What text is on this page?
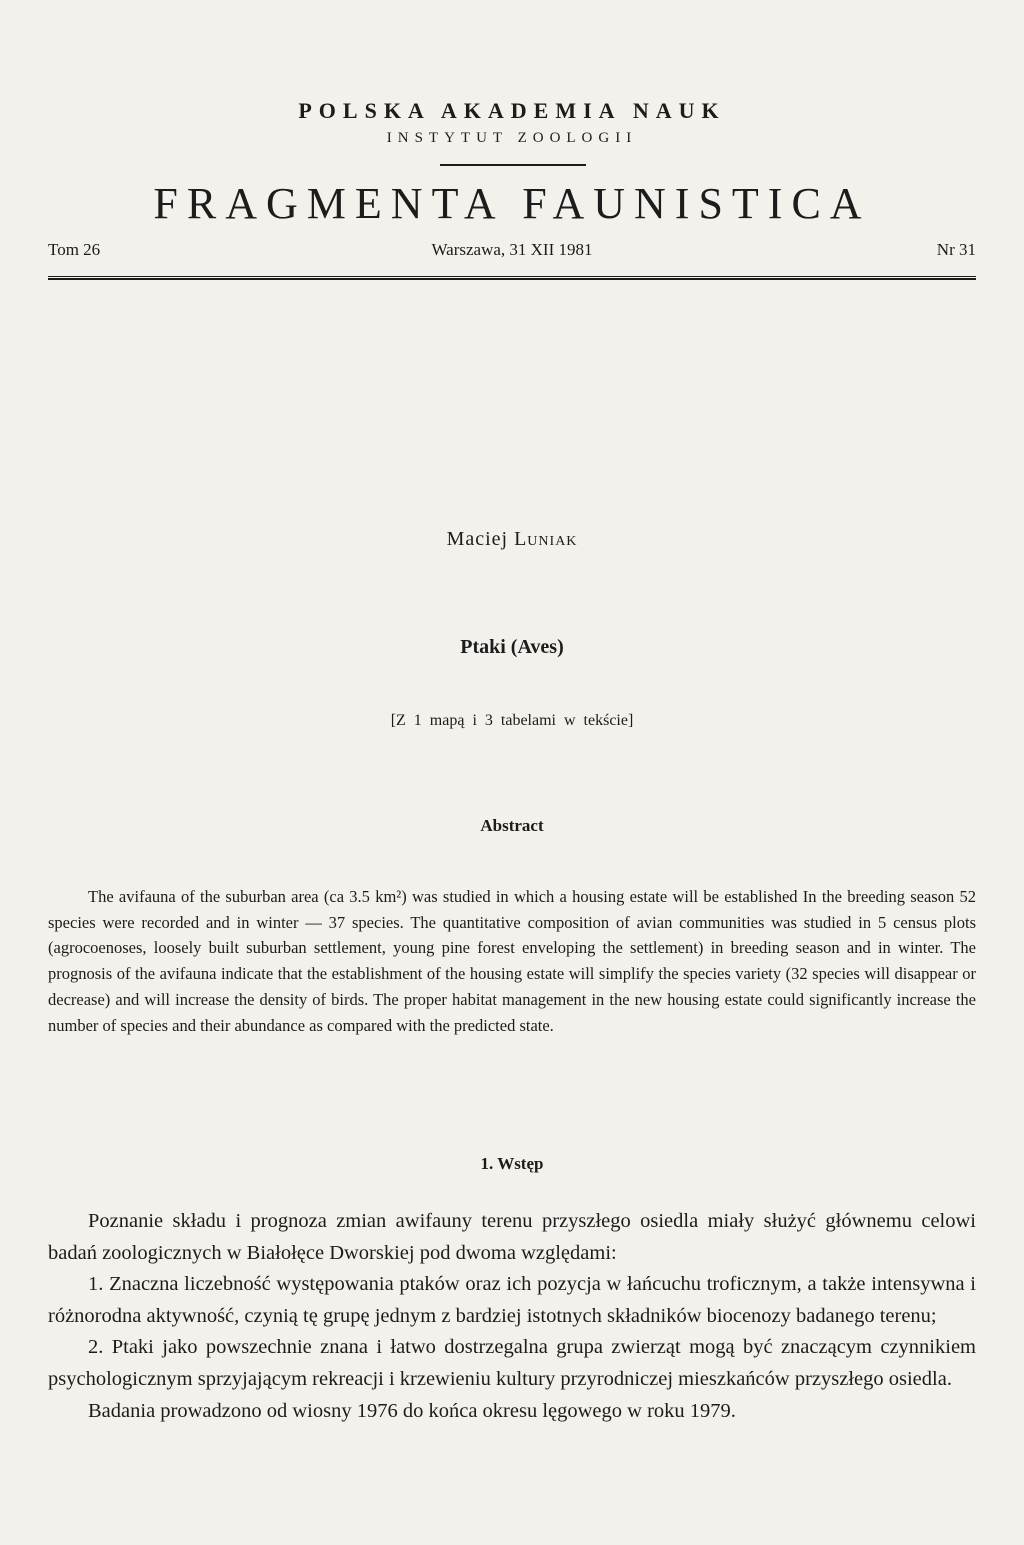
POLSKA AKADEMIA NAUK
INSTYTUT ZOOLOGII
FRAGMENTA FAUNISTICA
Tom 26	Warszawa, 31 XII 1981	Nr 31
Maciej Luniak
Ptaki (Aves)
[Z 1 mapą i 3 tabelami w tekście]
Abstract

The avifauna of the suburban area (ca 3.5 km²) was studied in which a housing estate will be established In the breeding season 52 species were recorded and in winter — 37 species. The quantitative composition of avian communities was studied in 5 census plots (agrocoenoses, loosely built suburban settlement, young pine forest enveloping the settlement) in breeding season and in winter. The prognosis of the avifauna indicate that the establishment of the housing estate will simplify the species variety (32 species will disappear or decrease) and will increase the density of birds. The proper habitat management in the new housing estate could significantly increase the number of species and their abundance as compared with the predicted state.

1. Wstęp

Poznanie składu i prognoza zmian awifauny terenu przyszłego osiedla miały służyć głównemu celowi badań zoologicznych w Białołęce Dworskiej pod dwoma względami:

1. Znaczna liczebność występowania ptaków oraz ich pozycja w łańcuchu troficznym, a także intensywna i różnorodna aktywność, czynią tę grupę jednym z bardziej istotnych składników biocenozy badanego terenu;

2. Ptaki jako powszechnie znana i łatwo dostrzegalna grupa zwierząt mogą być znaczącym czynnikiem psychologicznym sprzyjającym rekreacji i krzewieniu kultury przyrodniczej mieszkańców przyszłego osiedla.

Badania prowadzono od wiosny 1976 do końca okresu lęgowego w roku 1979.
